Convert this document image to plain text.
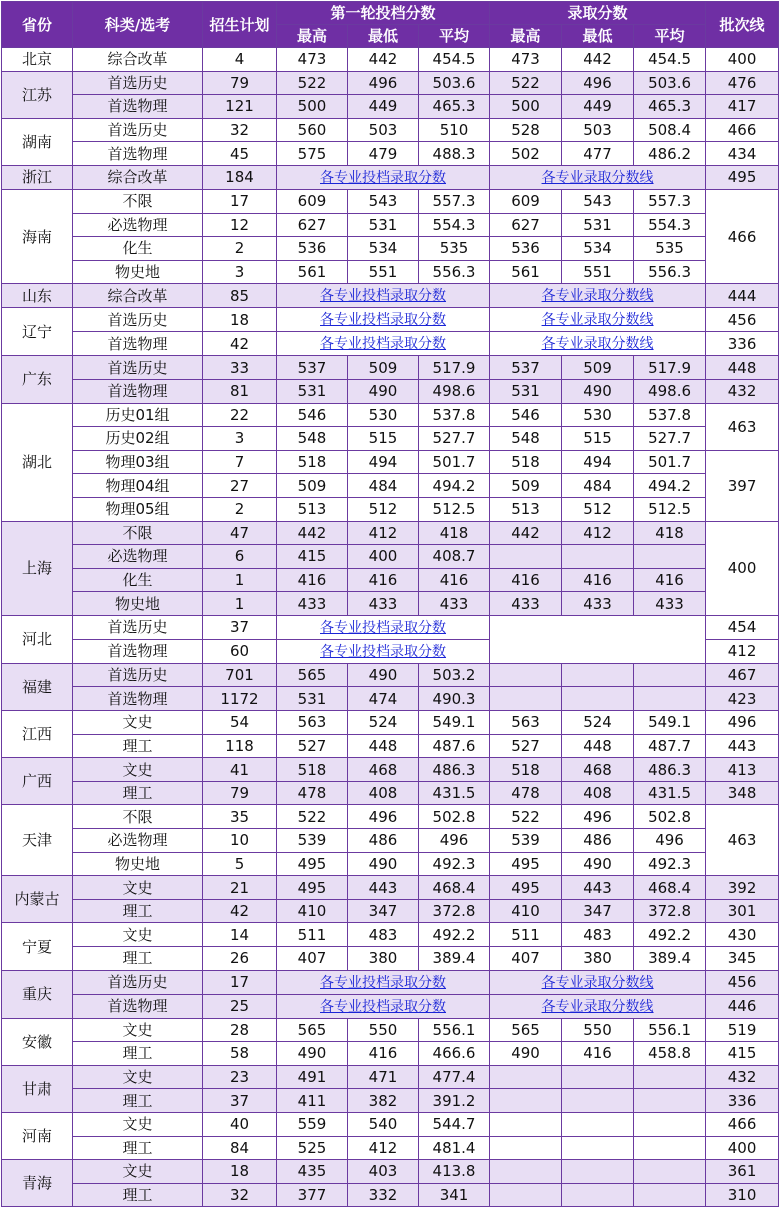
省份	科类/选考	招生计划	第一轮投档分数			录取分数			批次线
			最高	最低	平均	最高	最低	平均	
北京	综合改革	4	473	442	454.5	473	442	454.5	400
江苏	首选历史	79	522	496	503.6	522	496	503.6	476
	首选物理	121	500	449	465.3	500	449	465.3	417
湖南	首选历史	32	560	503	510	528	503	508.4	466
	首选物理	45	575	479	488.3	502	477	486.2	434
浙江	综合改革	184	各专业投档录取分数			各专业录取分数线			495
海南	不限	17	609	543	557.3	609	543	557.3	466
	必选物理	12	627	531	554.3	627	531	554.3	
	化生	2	536	534	535	536	534	535	
	物史地	3	561	551	556.3	561	551	556.3	
山东	综合改革	85	各专业投档录取分数			各专业录取分数线			444
辽宁	首选历史	18	各专业投档录取分数			各专业录取分数线			456
	首选物理	42	各专业投档录取分数			各专业录取分数线			336
广东	首选历史	33	537	509	517.9	537	509	517.9	448
	首选物理	81	531	490	498.6	531	490	498.6	432
湖北	历史01组	22	546	530	537.8	546	530	537.8	463
	历史02组	3	548	515	527.7	548	515	527.7	
	物理03组	7	518	494	501.7	518	494	501.7	397
	物理04组	27	509	484	494.2	509	484	494.2	
	物理05组	2	513	512	512.5	513	512	512.5	
上海	不限	47	442	412	418	442	412	418	400
	必选物理	6	415	400	408.7				
	化生	1	416	416	416	416	416	416	
	物史地	1	433	433	433	433	433	433	
河北	首选历史	37	各专业投档录取分数						454
	首选物理	60	各专业投档录取分数						412
福建	首选历史	701	565	490	503.2				467
	首选物理	1172	531	474	490.3				423
江西	文史	54	563	524	549.1	563	524	549.1	496
	理工	118	527	448	487.6	527	448	487.7	443
广西	文史	41	518	468	486.3	518	468	486.3	413
	理工	79	478	408	431.5	478	408	431.5	348
天津	不限	35	522	496	502.8	522	496	502.8	463
	必选物理	10	539	486	496	539	486	496	
	物史地	5	495	490	492.3	495	490	492.3	
内蒙古	文史	21	495	443	468.4	495	443	468.4	392
	理工	42	410	347	372.8	410	347	372.8	301
宁夏	文史	14	511	483	492.2	511	483	492.2	430
	理工	26	407	380	389.4	407	380	389.4	345
重庆	首选历史	17	各专业投档录取分数			各专业录取分数线			456
	首选物理	25	各专业投档录取分数			各专业录取分数线			446
安徽	文史	28	565	550	556.1	565	550	556.1	519
	理工	58	490	416	466.6	490	416	458.8	415
甘肃	文史	23	491	471	477.4				432
	理工	37	411	382	391.2				336
河南	文史	40	559	540	544.7				466
	理工	84	525	412	481.4				400
青海	文史	18	435	403	413.8				361
	理工	32	377	332	341				310
